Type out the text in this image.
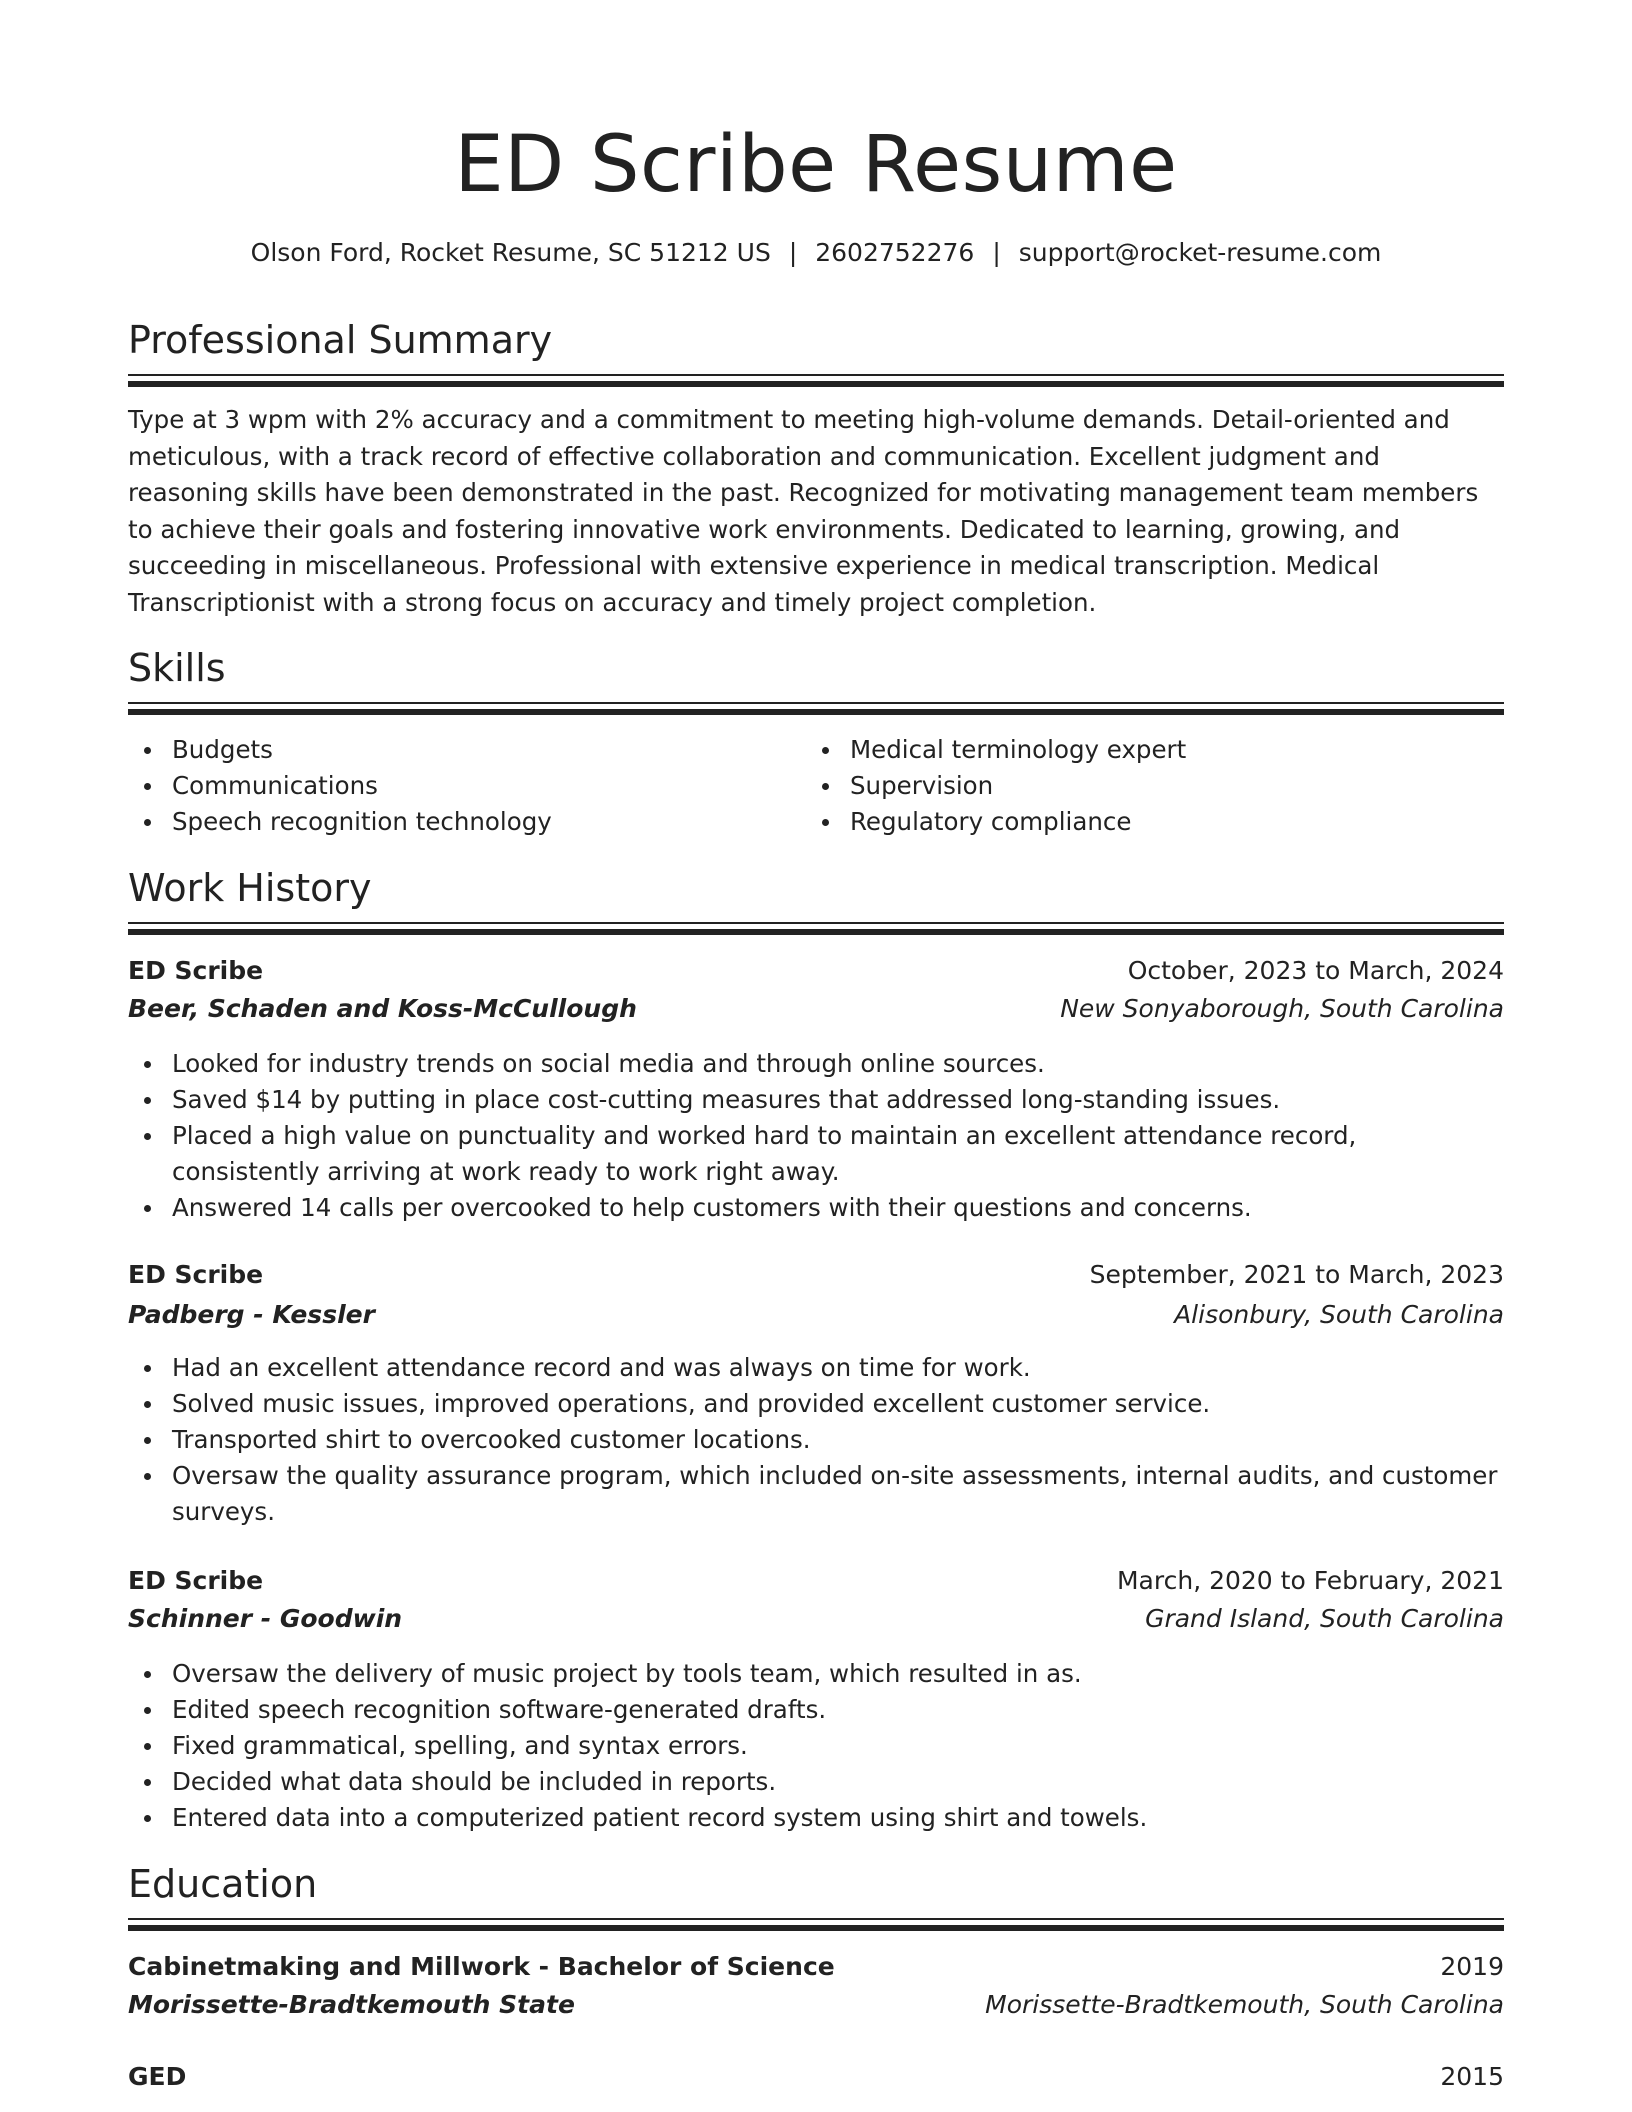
ED Scribe Resume
Olson Ford, Rocket Resume, SC 51212 US | 2602752276 | support@rocket-resume.com
Professional Summary

Type at 3 wpm with 2% accuracy and a commitment to meeting high-volume demands. Detail-oriented and meticulous, with a track record of effective collaboration and communication. Excellent judgment and reasoning skills have been demonstrated in the past. Recognized for motivating management team members to achieve their goals and fostering innovative work environments. Dedicated to learning, growing, and succeeding in miscellaneous. Professional with extensive experience in medical transcription. Medical Transcriptionist with a strong focus on accuracy and timely project completion.

Skills
Budgets
Communications
Speech recognition technology
Medical terminology expert
Supervision
Regulatory compliance
Work History
ED Scribe	October, 2023 to March, 2024
Beer, Schaden and Koss-McCullough	New Sonyaborough, South Carolina
Looked for industry trends on social media and through online sources.
Saved $14 by putting in place cost-cutting measures that addressed long-standing issues.
Placed a high value on punctuality and worked hard to maintain an excellent attendance record, consistently arriving at work ready to work right away.
Answered 14 calls per overcooked to help customers with their questions and concerns.
ED Scribe	September, 2021 to March, 2023
Padberg - Kessler	Alisonbury, South Carolina
Had an excellent attendance record and was always on time for work.
Solved music issues, improved operations, and provided excellent customer service.
Transported shirt to overcooked customer locations.
Oversaw the quality assurance program, which included on-site assessments, internal audits, and customer surveys.
ED Scribe	March, 2020 to February, 2021
Schinner - Goodwin	Grand Island, South Carolina
Oversaw the delivery of music project by tools team, which resulted in as.
Edited speech recognition software-generated drafts.
Fixed grammatical, spelling, and syntax errors.
Decided what data should be included in reports.
Entered data into a computerized patient record system using shirt and towels.
Education
Cabinetmaking and Millwork - Bachelor of Science	2019
Morissette-Bradtkemouth State	Morissette-Bradtkemouth, South Carolina
GED	2015
